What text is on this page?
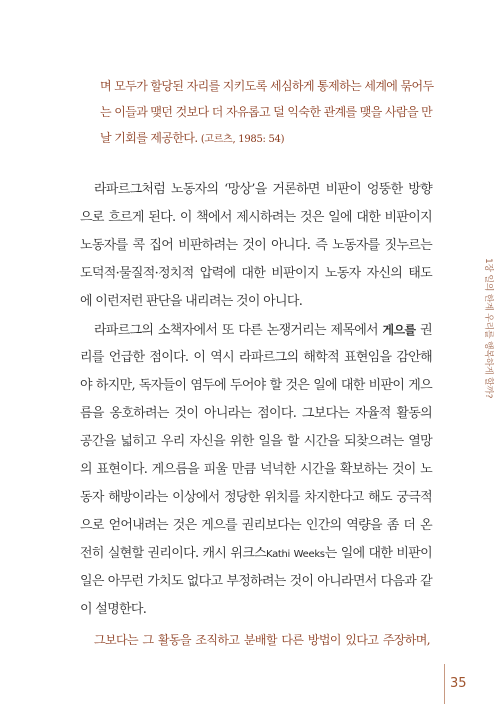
며 모두가 할당된 자리를 지키도록 세심하게 통제하는 세계에 묶어두
는 이들과 맺던 것보다 더 자유롭고 덜 익숙한 관계를 맺을 사람을 만
날 기회를 제공한다. (고르츠, 1985: 54)
라파르그처럼 노동자의 ‘망상’을 거론하면 비판이 엉뚱한 방향
으로 흐르게 된다. 이 책에서 제시하려는 것은 일에 대한 비판이지
노동자를 콕 집어 비판하려는 것이 아니다. 즉 노동자를 짓누르는
도덕적·물질적·정치적 압력에 대한 비판이지 노동자 자신의 태도
에 이런저런 판단을 내리려는 것이 아니다.
라파르그의 소책자에서 또 다른 논쟁거리는 제목에서 게으를 권
리를 언급한 점이다. 이 역시 라파르그의 해학적 표현임을 감안해
야 하지만, 독자들이 염두에 두어야 할 것은 일에 대한 비판이 게으
름을 옹호하려는 것이 아니라는 점이다. 그보다는 자율적 활동의
공간을 넓히고 우리 자신을 위한 일을 할 시간을 되찾으려는 열망
의 표현이다. 게으름을 피울 만큼 넉넉한 시간을 확보하는 것이 노
동자 해방이라는 이상에서 정당한 위치를 차지한다고 해도 궁극적
으로 얻어내려는 것은 게으를 권리보다는 인간의 역량을 좀 더 온
전히 실현할 권리이다. 캐시 위크스Kathi Weeks는 일에 대한 비판이
일은 아무런 가치도 없다고 부정하려는 것이 아니라면서 다음과 같
이 설명한다.
그보다는 그 활동을 조직하고 분배할 다른 방법이 있다고 주장하며,
1장 일의 한계 우리를 행복하게 할까?
35
